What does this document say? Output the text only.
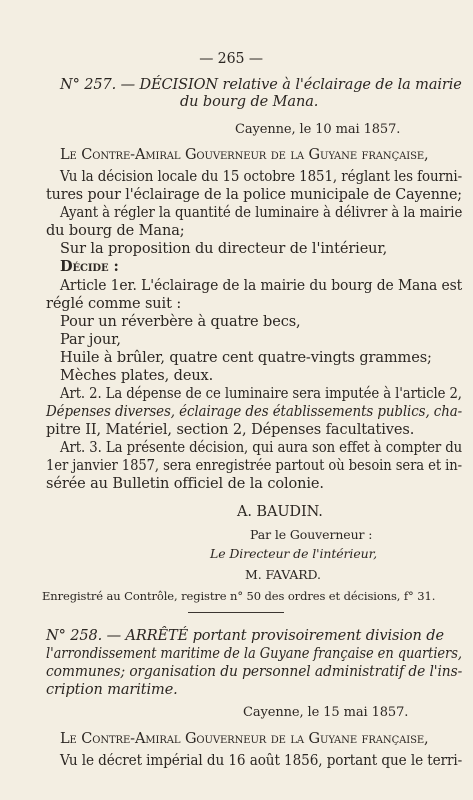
— 265 —
N° 257. — DÉCISION relative à l'éclairage de la mairie
du bourg de Mana.
Cayenne, le 10 mai 1857.
Le Contre-Amiral Gouverneur de la Guyane française,
Vu la décision locale du 15 octobre 1851, réglant les fourni-
tures pour l'éclairage de la police municipale de Cayenne;
Ayant à régler la quantité de luminaire à délivrer à la mairie
du bourg de Mana;
Sur la proposition du directeur de l'intérieur,
Décide :
Article 1er. L'éclairage de la mairie du bourg de Mana est
réglé comme suit :
Pour un réverbère à quatre becs,
Par jour,
Huile à brûler, quatre cent quatre-vingts grammes;
Mèches plates, deux.
Art. 2. La dépense de ce luminaire sera imputée à l'article 2,
Dépenses diverses, éclairage des établissements publics, cha-
pitre II, Matériel, section 2, Dépenses facultatives.
Art. 3. La présente décision, qui aura son effet à compter du
1er janvier 1857, sera enregistrée partout où besoin sera et in-
sérée au Bulletin officiel de la colonie.
A. BAUDIN.
Par le Gouverneur :
Le Directeur de l'intérieur,
M. FAVARD.
Enregistré au Contrôle, registre n° 50 des ordres et décisions, f° 31.
N° 258. — ARRÊTÉ portant provisoirement division de
l'arrondissement maritime de la Guyane française en quartiers,
communes; organisation du personnel administratif de l'ins-
cription maritime.
Cayenne, le 15 mai 1857.
Le Contre-Amiral Gouverneur de la Guyane française,
Vu le décret impérial du 16 août 1856, portant que le terri-
